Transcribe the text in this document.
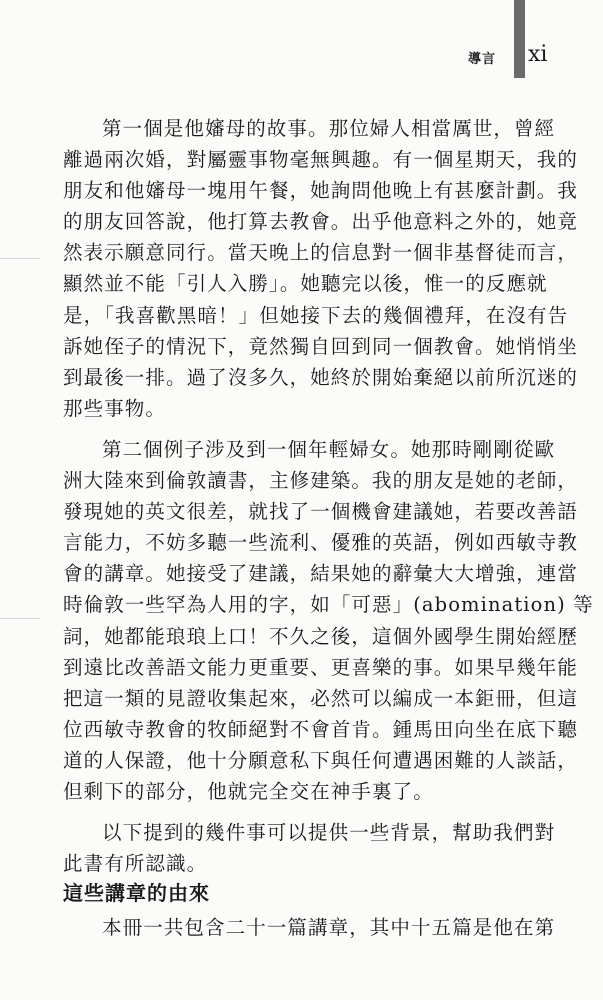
導言 xi
第一個是他嬸母的故事。那位婦人相當厲世，曾經
離過兩次婚，對屬靈事物毫無興趣。有一個星期天，我的
朋友和他嬸母一塊用午餐，她詢問他晚上有甚麼計劃。我
的朋友回答說，他打算去教會。出乎他意料之外的，她竟
然表示願意同行。當天晚上的信息對一個非基督徒而言，
顯然並不能「引人入勝」。她聽完以後，惟一的反應就
是，「我喜歡黑暗！」但她接下去的幾個禮拜，在沒有告
訴她侄子的情況下，竟然獨自回到同一個教會。她悄悄坐
到最後一排。過了沒多久，她終於開始棄絕以前所沉迷的
那些事物。
第二個例子涉及到一個年輕婦女。她那時剛剛從歐
洲大陸來到倫敦讀書，主修建築。我的朋友是她的老師，
發現她的英文很差，就找了一個機會建議她，若要改善語
言能力，不妨多聽一些流利、優雅的英語，例如西敏寺教
會的講章。她接受了建議，結果她的辭彙大大增強，連當
時倫敦一些罕為人用的字，如「可惡」(abomination) 等
詞，她都能琅琅上口！不久之後，這個外國學生開始經歷
到遠比改善語文能力更重要、更喜樂的事。如果早幾年能
把這一類的見證收集起來，必然可以編成一本鉅冊，但這
位西敏寺教會的牧師絕對不會首肯。鍾馬田向坐在底下聽
道的人保證，他十分願意私下與任何遭遇困難的人談話，
但剩下的部分，他就完全交在神手裏了。
以下提到的幾件事可以提供一些背景，幫助我們對
此書有所認識。
這些講章的由來
本冊一共包含二十一篇講章，其中十五篇是他在第
